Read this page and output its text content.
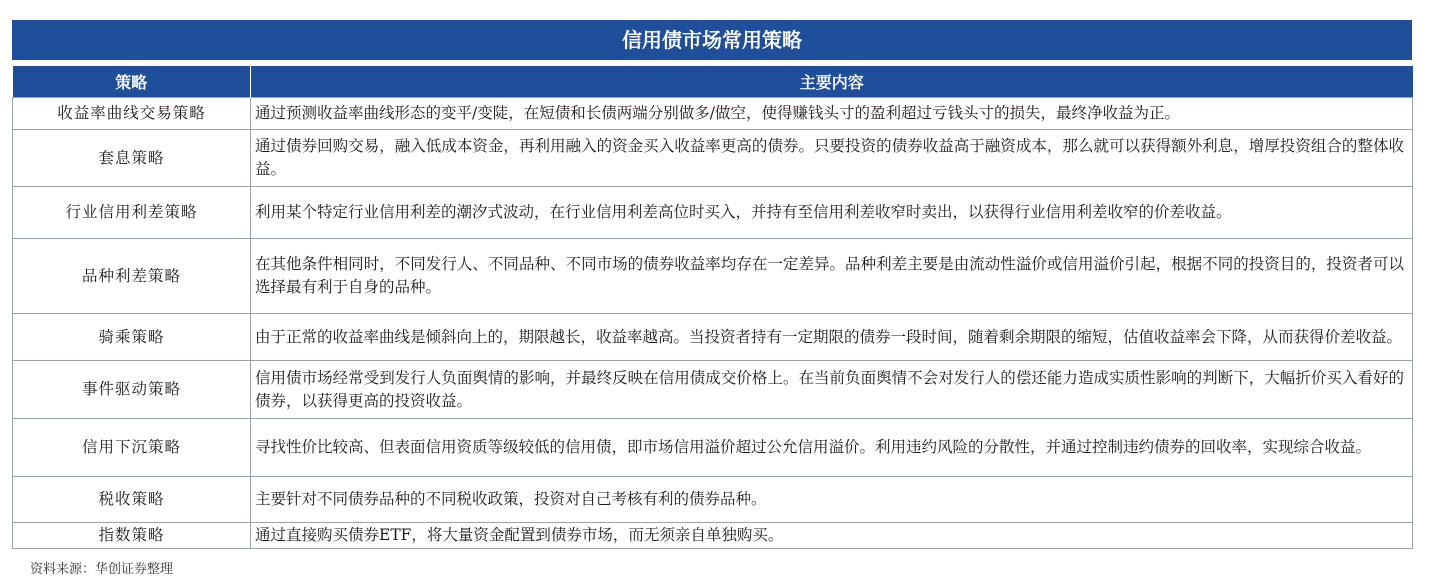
信用债市场常用策略
策略	主要内容
收益率曲线交易策略	通过预测收益率曲线形态的变平/变陡，在短债和长债两端分别做多/做空，使得赚钱头寸的盈利超过亏钱头寸的损失，最终净收益为正。
套息策略	通过债券回购交易，融入低成本资金，再利用融入的资金买入收益率更高的债券。只要投资的债券收益高于融资成本，那么就可以获得额外利息，增厚投资组合的整体收益。
行业信用利差策略	利用某个特定行业信用利差的潮汐式波动，在行业信用利差高位时买入，并持有至信用利差收窄时卖出，以获得行业信用利差收窄的价差收益。
品种利差策略	在其他条件相同时，不同发行人、不同品种、不同市场的债券收益率均存在一定差异。品种利差主要是由流动性溢价或信用溢价引起，根据不同的投资目的，投资者可以选择最有利于自身的品种。
骑乘策略	由于正常的收益率曲线是倾斜向上的，期限越长，收益率越高。当投资者持有一定期限的债券一段时间，随着剩余期限的缩短，估值收益率会下降，从而获得价差收益。
事件驱动策略	信用债市场经常受到发行人负面舆情的影响，并最终反映在信用债成交价格上。在当前负面舆情不会对发行人的偿还能力造成实质性影响的判断下，大幅折价买入看好的债券，以获得更高的投资收益。
信用下沉策略	寻找性价比较高、但表面信用资质等级较低的信用债，即市场信用溢价超过公允信用溢价。利用违约风险的分散性，并通过控制违约债券的回收率，实现综合收益。
税收策略	主要针对不同债券品种的不同税收政策，投资对自己考核有利的债券品种。
指数策略	通过直接购买债券ETF，将大量资金配置到债券市场，而无须亲自单独购买。
资料来源：华创证券整理
